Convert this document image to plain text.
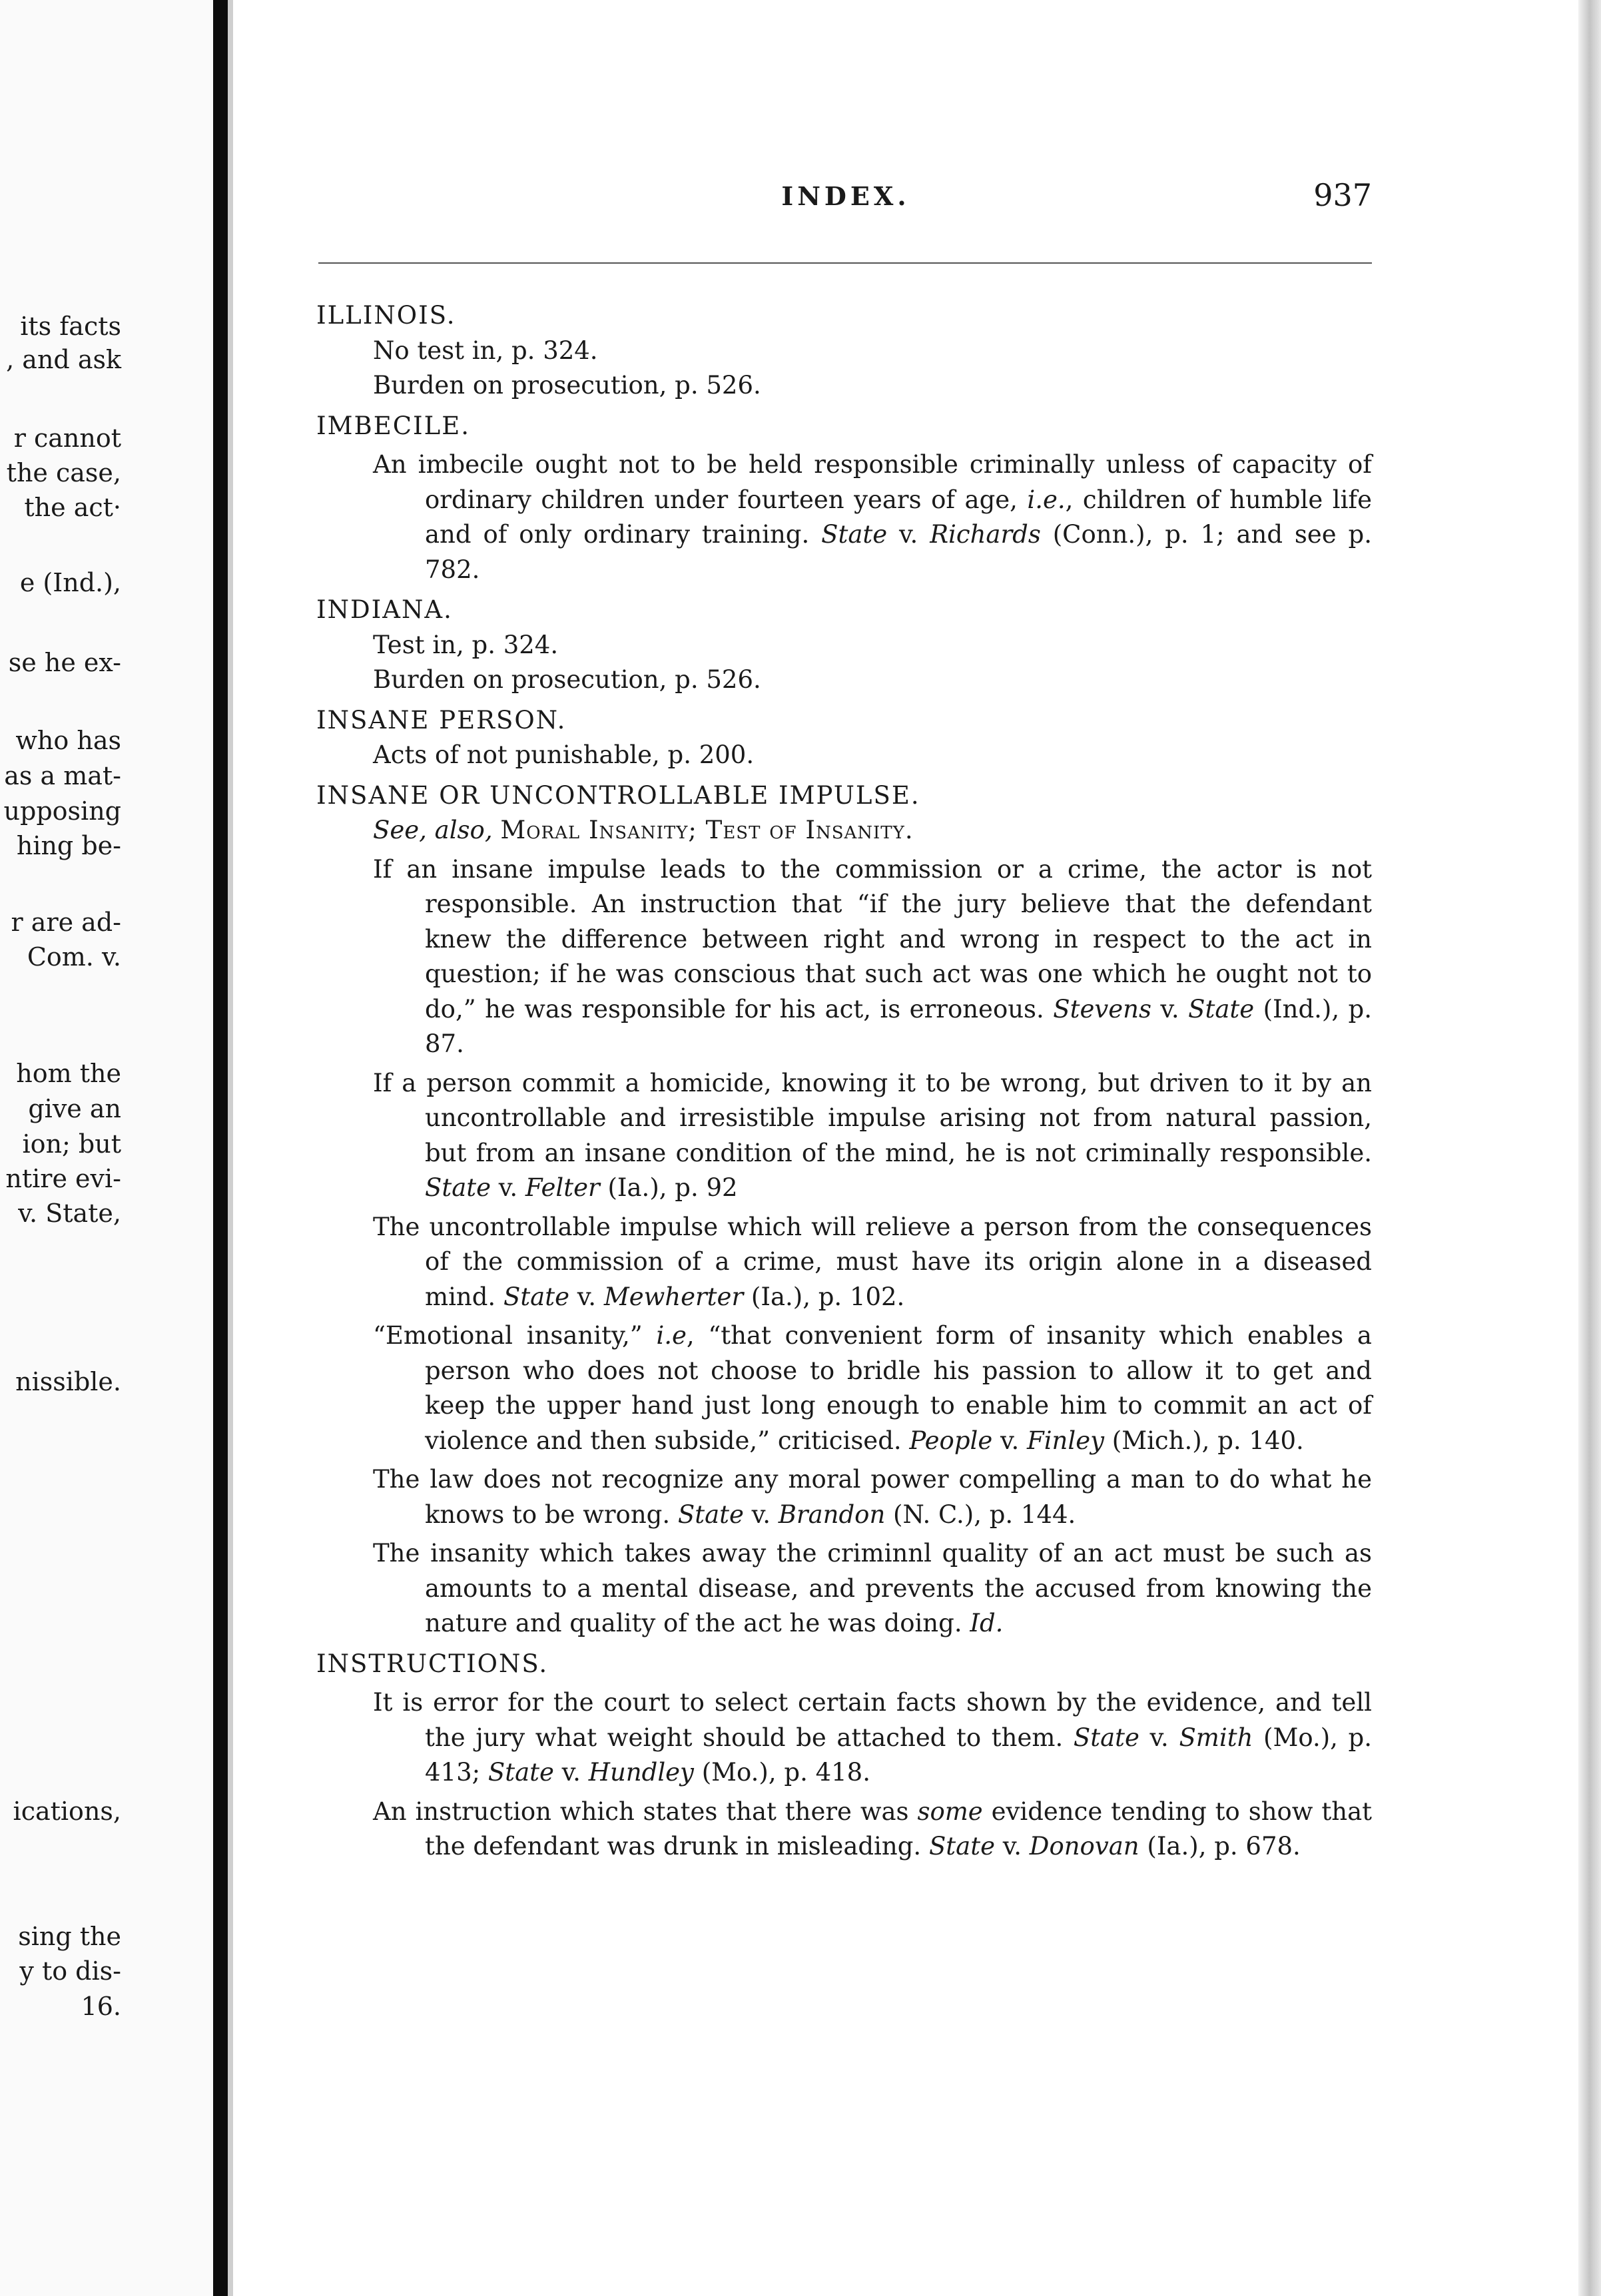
its facts
, and ask
r cannot
the case,
the act·
e (Ind.),
se he ex-
who has
as a mat-
upposing
hing be-
r are ad-
Com. v.
hom the
give an
ion; but
ntire evi-
v. State,
nissible.
ications,
sing the
y to dis-
16.
INDEX.	937
ILLINOIS.
No test in, p. 324.
Burden on prosecution, p. 526.
IMBECILE.
An imbecile ought not to be held responsible criminally unless of capacity of ordinary children under fourteen years of age, i.e., children of humble life and of only ordinary training. State v. Richards (Conn.), p. 1; and see p. 782.
INDIANA.
Test in, p. 324.
Burden on prosecution, p. 526.
INSANE PERSON.
Acts of not punishable, p. 200.
INSANE OR UNCONTROLLABLE IMPULSE.
See, also, Moral Insanity; Test of Insanity.
If an insane impulse leads to the commission or a crime, the actor is not responsible. An instruction that “if the jury believe that the defendant knew the difference between right and wrong in respect to the act in question; if he was conscious that such act was one which he ought not to do,” he was responsible for his act, is erroneous. Stevens v. State (Ind.), p. 87.
If a person commit a homicide, knowing it to be wrong, but driven to it by an uncontrollable and irresistible impulse arising not from natural passion, but from an insane condition of the mind, he is not criminally responsible. State v. Felter (Ia.), p. 92
The uncontrollable impulse which will relieve a person from the consequences of the commission of a crime, must have its origin alone in a diseased mind. State v. Mewherter (Ia.), p. 102.
“Emotional insanity,” i.e, “that convenient form of insanity which enables a person who does not choose to bridle his passion to allow it to get and keep the upper hand just long enough to enable him to commit an act of violence and then subside,” criticised. People v. Finley (Mich.), p. 140.
The law does not recognize any moral power compelling a man to do what he knows to be wrong. State v. Brandon (N. C.), p. 144.
The insanity which takes away the criminnl quality of an act must be such as amounts to a mental disease, and prevents the accused from knowing the nature and quality of the act he was doing. Id.
INSTRUCTIONS.
It is error for the court to select certain facts shown by the evidence, and tell the jury what weight should be attached to them. State v. Smith (Mo.), p. 413; State v. Hundley (Mo.), p. 418.
An instruction which states that there was some evidence tending to show that the defendant was drunk in misleading. State v. Donovan (Ia.), p. 678.
